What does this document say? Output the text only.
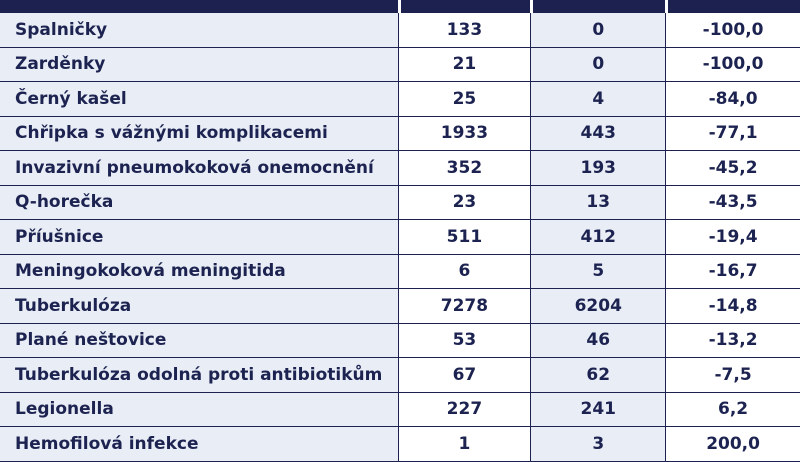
Spalničky	133	0	-100,0
Zarděnky	21	0	-100,0
Černý kašel	25	4	-84,0
Chřipka s vážnými komplikacemi	1933	443	-77,1
Invazivní pneumokoková onemocnění	352	193	-45,2
Q-horečka	23	13	-43,5
Příušnice	511	412	-19,4
Meningokoková meningitida	6	5	-16,7
Tuberkulóza	7278	6204	-14,8
Plané neštovice	53	46	-13,2
Tuberkulóza odolná proti antibiotikům	67	62	-7,5
Legionella	227	241	6,2
Hemofilová infekce	1	3	200,0
